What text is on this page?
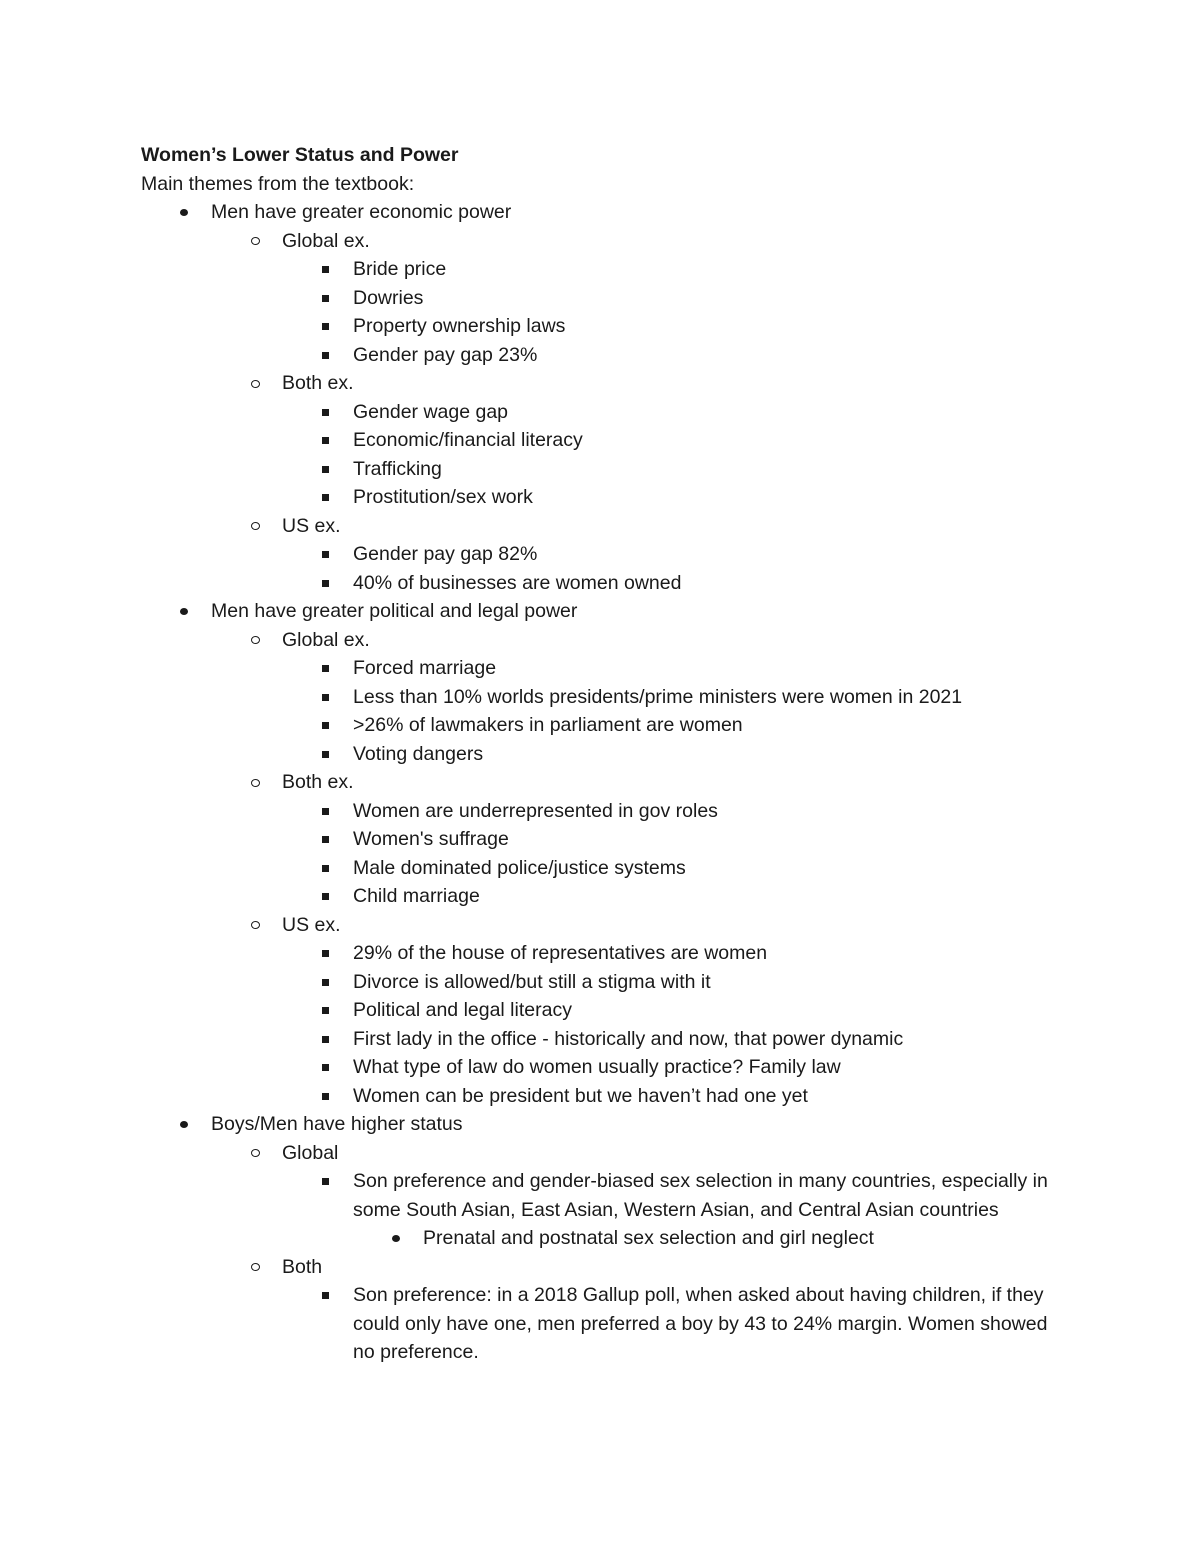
Women’s Lower Status and Power
Main themes from the textbook:
Men have greater economic power
Global ex.
Bride price
Dowries
Property ownership laws
Gender pay gap 23%
Both ex.
Gender wage gap
Economic/financial literacy
Trafficking
Prostitution/sex work
US ex.
Gender pay gap 82%
40% of businesses are women owned
Men have greater political and legal power
Global ex.
Forced marriage
Less than 10% worlds presidents/prime ministers were women in 2021
>26% of lawmakers in parliament are women
Voting dangers
Both ex.
Women are underrepresented in gov roles
Women's suffrage
Male dominated police/justice systems
Child marriage
US ex.
29% of the house of representatives are women
Divorce is allowed/but still a stigma with it
Political and legal literacy
First lady in the office - historically and now, that power dynamic
What type of law do women usually practice? Family law
Women can be president but we haven’t had one yet
Boys/Men have higher status
Global
Son preference and gender-biased sex selection in many countries, especially in some South Asian, East Asian, Western Asian, and Central Asian countries
Prenatal and postnatal sex selection and girl neglect
Both
Son preference: in a 2018 Gallup poll, when asked about having children, if they could only have one, men preferred a boy by 43 to 24% margin. Women showed no preference.
